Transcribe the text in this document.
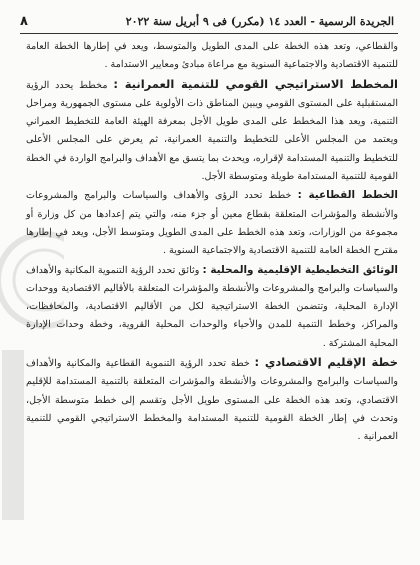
الجريدة الرسمية - العدد ١٤ (مكرر) فى ٩ أبريل سنة ٢٠٢٢
٨

والقطاعي، وتعد هذه الخطة على المدى الطويل والمتوسط، ويعد في إطارها الخطة العامة للتنمية الاقتصادية والاجتماعية السنوية مع مراعاة مبادئ ومعايير الاستدامة .

المخطط الاستراتيجي القومي للتنمية العمرانية : مخطط يحدد الرؤية المستقبلية على المستوى القومي ويبين المناطق ذات الأولوية على مستوى الجمهورية ومراحل التنمية، ويعد هذا المخطط على المدى طويل الأجل بمعرفة الهيئة العامة للتخطيط العمراني ويعتمد من المجلس الأعلى للتخطيط والتنمية العمرانية، ثم يعرض على المجلس الأعلى للتخطيط والتنمية المستدامة لإقراره، ويحدث بما يتسق مع الأهداف والبرامج الواردة في الخطة القومية للتنمية المستدامة طويلة ومتوسطة الأجل.

الخطط القطاعية : خطط تحدد الرؤى والأهداف والسياسات والبرامج والمشروعات والأنشطة والمؤشرات المتعلقة بقطاع معين أو جزء منه، والتي يتم إعدادها من كل وزارة أو مجموعة من الوزارات، وتعد هذه الخطط على المدى الطويل ومتوسط الأجل، ويعد في إطارها مقترح الخطة العامة للتنمية الاقتصادية والاجتماعية السنوية .

الوثائق التخطيطية الإقليمية والمحلية : وثائق تحدد الرؤية التنموية المكانية والأهداف والسياسات والبرامج والمشروعات والأنشطة والمؤشرات المتعلقة بالأقاليم الاقتصادية ووحدات الإدارة المحلية، وتتضمن الخطة الاستراتيجية لكل من الأقاليم الاقتصادية، والمحافظات، والمراكز، وخطط التنمية للمدن والأحياء والوحدات المحلية القروية، وخطة وحدات الإدارة المحلية المشتركة .

خطة الإقليم الاقتصادي : خطة تحدد الرؤية التنموية القطاعية والمكانية والأهداف والسياسات والبرامج والمشروعات والأنشطة والمؤشرات المتعلقة بالتنمية المستدامة للإقليم الاقتصادي، وتعد هذه الخطة على المستوى طويل الأجل وتقسم إلى خطط متوسطة الأجل، وتحدث في إطار الخطة القومية للتنمية المستدامة والمخطط الاستراتيجي القومي للتنمية العمرانية .
